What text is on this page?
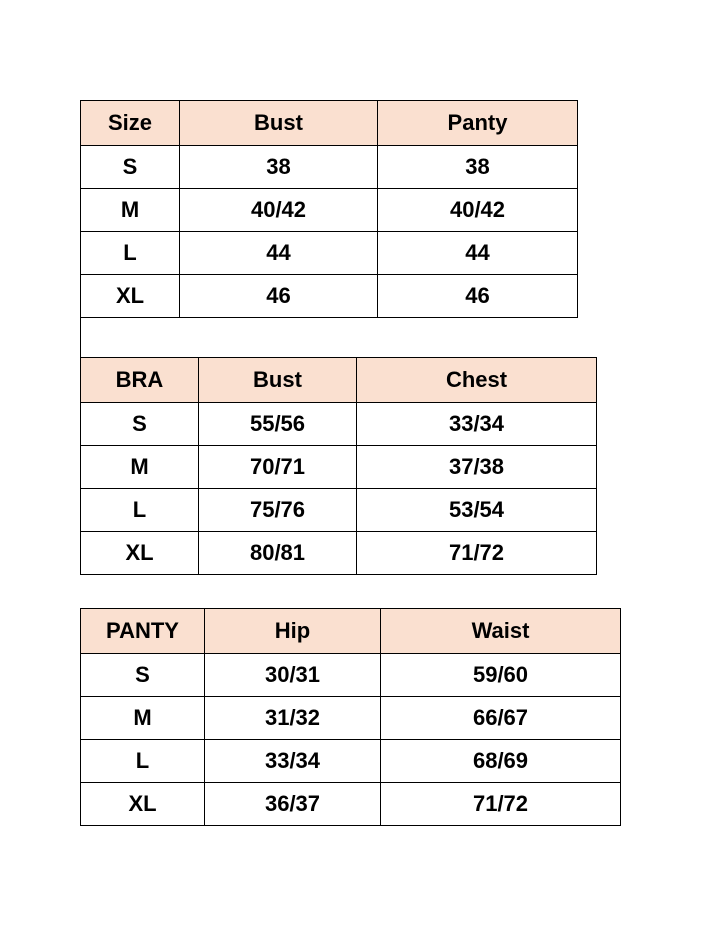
Size	Bust	Panty
S	38	38
M	40/42	40/42
L	44	44
XL	46	46
BRA	Bust	Chest
S	55/56	33/34
M	70/71	37/38
L	75/76	53/54
XL	80/81	71/72
PANTY	Hip	Waist
S	30/31	59/60
M	31/32	66/67
L	33/34	68/69
XL	36/37	71/72
